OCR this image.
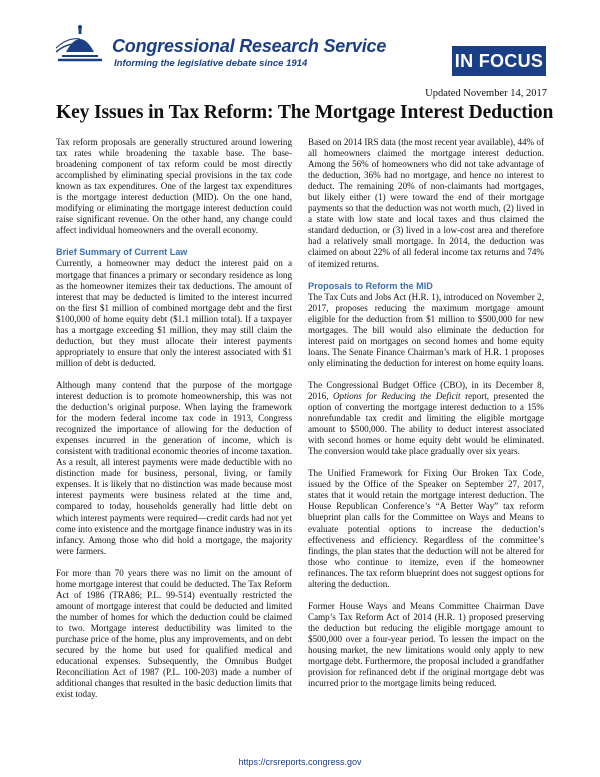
Congressional Research Service
Informing the legislative debate since 1914	IN FOCUS
Updated November 14, 2017
Key Issues in Tax Reform: The Mortgage Interest Deduction

Tax reform proposals are generally structured around lowering tax rates while broadening the taxable base. The base-broadening component of tax reform could be most directly accomplished by eliminating special provisions in the tax code known as tax expenditures. One of the largest tax expenditures is the mortgage interest deduction (MID). On the one hand, modifying or eliminating the mortgage interest deduction could raise significant revenue. On the other hand, any change could affect individual homeowners and the overall economy.

Brief Summary of Current Law

Currently, a homeowner may deduct the interest paid on a mortgage that finances a primary or secondary residence as long as the homeowner itemizes their tax deductions. The amount of interest that may be deducted is limited to the interest incurred on the first $1 million of combined mortgage debt and the first $100,000 of home equity debt ($1.1 million total). If a taxpayer has a mortgage exceeding $1 million, they may still claim the deduction, but they must allocate their interest payments appropriately to ensure that only the interest associated with $1 million of debt is deducted.

Although many contend that the purpose of the mortgage interest deduction is to promote homeownership, this was not the deduction’s original purpose. When laying the framework for the modern federal income tax code in 1913, Congress recognized the importance of allowing for the deduction of expenses incurred in the generation of income, which is consistent with traditional economic theories of income taxation. As a result, all interest payments were made deductible with no distinction made for business, personal, living, or family expenses. It is likely that no distinction was made because most interest payments were business related at the time and, compared to today, households generally had little debt on which interest payments were required—credit cards had not yet come into existence and the mortgage finance industry was in its infancy. Among those who did hold a mortgage, the majority were farmers.

For more than 70 years there was no limit on the amount of home mortgage interest that could be deducted. The Tax Reform Act of 1986 (TRA86; P.L. 99-514) eventually restricted the amount of mortgage interest that could be deducted and limited the number of homes for which the deduction could be claimed to two. Mortgage interest deductibility was limited to the purchase price of the home, plus any improvements, and on debt secured by the home but used for qualified medical and educational expenses. Subsequently, the Omnibus Budget Reconciliation Act of 1987 (P.L. 100-203) made a number of additional changes that resulted in the basic deduction limits that exist today.

Based on 2014 IRS data (the most recent year available), 44% of all homeowners claimed the mortgage interest deduction. Among the 56% of homeowners who did not take advantage of the deduction, 36% had no mortgage, and hence no interest to deduct. The remaining 20% of non-claimants had mortgages, but likely either (1) were toward the end of their mortgage payments so that the deduction was not worth much, (2) lived in a state with low state and local taxes and thus claimed the standard deduction, or (3) lived in a low-cost area and therefore had a relatively small mortgage. In 2014, the deduction was claimed on about 22% of all federal income tax returns and 74% of itemized returns.

Proposals to Reform the MID

The Tax Cuts and Jobs Act (H.R. 1), introduced on November 2, 2017, proposes reducing the maximum mortgage amount eligible for the deduction from $1 million to $500,000 for new mortgages. The bill would also eliminate the deduction for interest paid on mortgages on second homes and home equity loans. The Senate Finance Chairman’s mark of H.R. 1 proposes only eliminating the deduction for interest on home equity loans.

The Congressional Budget Office (CBO), in its December 8, 2016, Options for Reducing the Deficit report, presented the option of converting the mortgage interest deduction to a 15% nonrefundable tax credit and limiting the eligible mortgage amount to $500,000. The ability to deduct interest associated with second homes or home equity debt would be eliminated. The conversion would take place gradually over six years.

The Unified Framework for Fixing Our Broken Tax Code, issued by the Office of the Speaker on September 27, 2017, states that it would retain the mortgage interest deduction. The House Republican Conference’s “A Better Way” tax reform blueprint plan calls for the Committee on Ways and Means to evaluate potential options to increase the deduction’s effectiveness and efficiency. Regardless of the committee’s findings, the plan states that the deduction will not be altered for those who continue to itemize, even if the homeowner refinances. The tax reform blueprint does not suggest options for altering the deduction.

Former House Ways and Means Committee Chairman Dave Camp’s Tax Reform Act of 2014 (H.R. 1) proposed preserving the deduction but reducing the eligible mortgage amount to $500,000 over a four-year period. To lessen the impact on the housing market, the new limitations would only apply to new mortgage debt. Furthermore, the proposal included a grandfather provision for refinanced debt if the original mortgage debt was incurred prior to the mortgage limits being reduced.

https://crsreports.congress.gov
